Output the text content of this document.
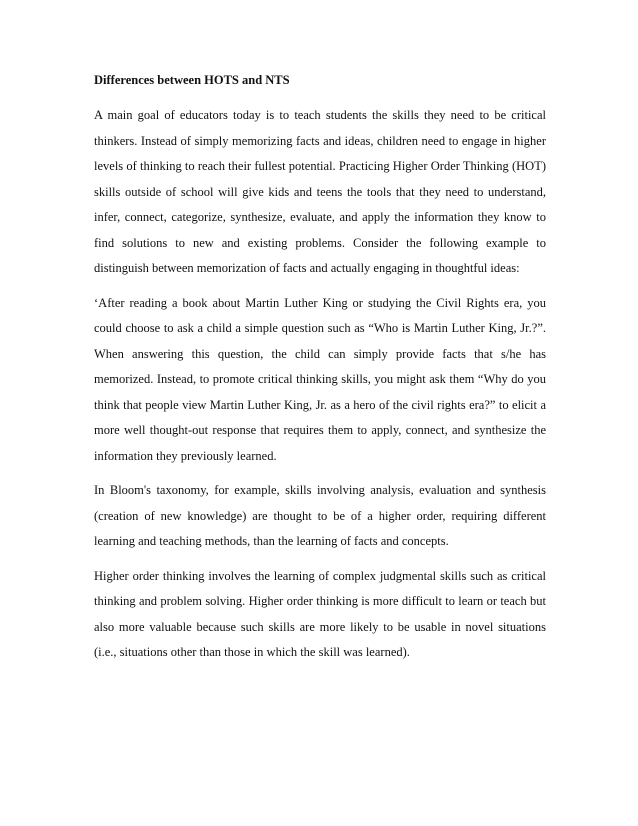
Differences between HOTS and NTS

A main goal of educators today is to teach students the skills they need to be critical thinkers. Instead of simply memorizing facts and ideas, children need to engage in higher levels of thinking to reach their fullest potential. Practicing Higher Order Thinking (HOT) skills outside of school will give kids and teens the tools that they need to understand, infer, connect, categorize, synthesize, evaluate, and apply the information they know to find solutions to new and existing problems. Consider the following example to distinguish between memorization of facts and actually engaging in thoughtful ideas:

‘After reading a book about Martin Luther King or studying the Civil Rights era, you could choose to ask a child a simple question such as “Who is Martin Luther King, Jr.?”. When answering this question, the child can simply provide facts that s/he has memorized. Instead, to promote critical thinking skills, you might ask them “Why do you think that people view Martin Luther King, Jr. as a hero of the civil rights era?” to elicit a more well thought-out response that requires them to apply, connect, and synthesize the information they previously learned.

In Bloom's taxonomy, for example, skills involving analysis, evaluation and synthesis (creation of new knowledge) are thought to be of a higher order, requiring different learning and teaching methods, than the learning of facts and concepts.

Higher order thinking involves the learning of complex judgmental skills such as critical thinking and problem solving. Higher order thinking is more difficult to learn or teach but also more valuable because such skills are more likely to be usable in novel situations (i.e., situations other than those in which the skill was learned).
